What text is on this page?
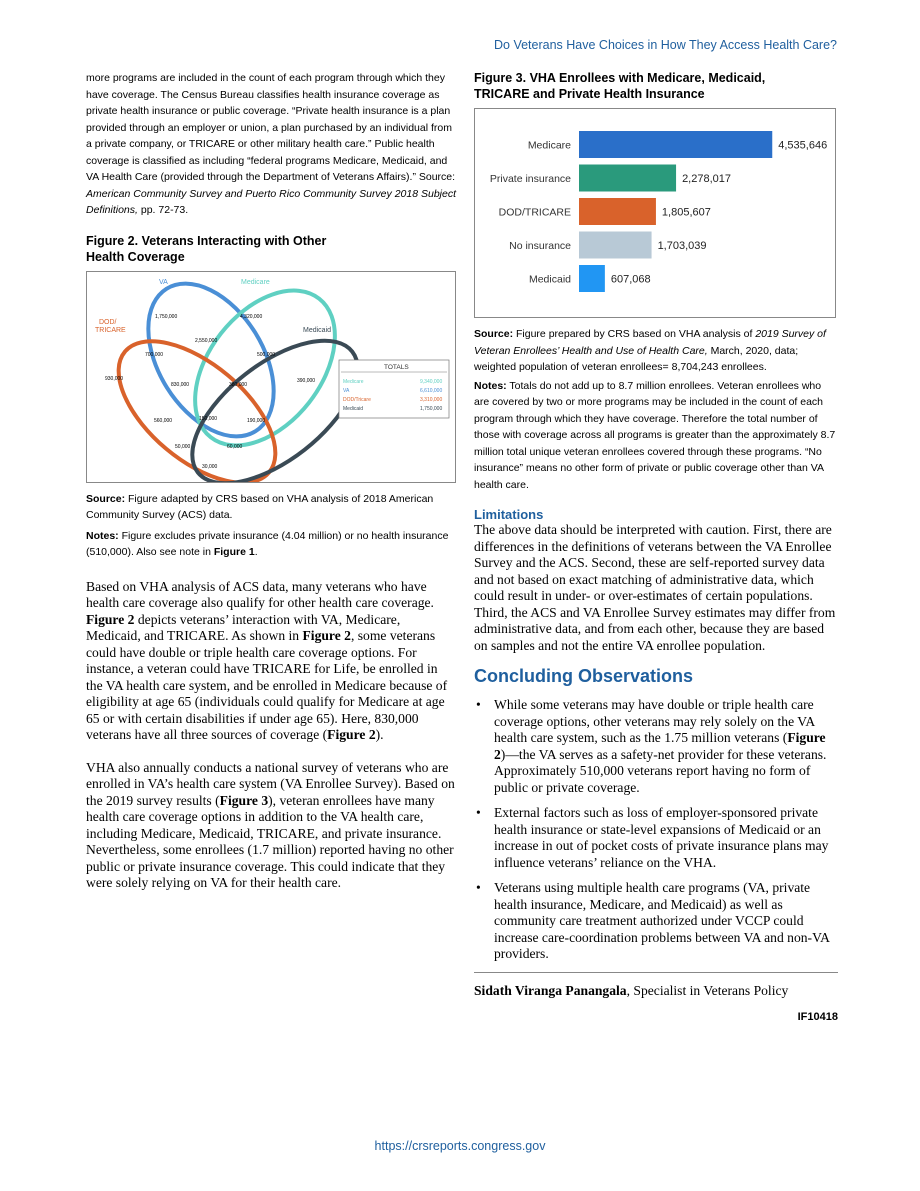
Do Veterans Have Choices in How They Access Health Care?

more programs are included in the count of each program through which they have coverage. The Census Bureau classifies health insurance coverage as private health insurance or public coverage. “Private health insurance is a plan provided through an employer or union, a plan purchased by an individual from a private company, or TRICARE or other military health care.” Public health coverage is classified as including “federal programs Medicare, Medicaid, and VA Health Care (provided through the Department of Veterans Affairs).” Source: American Community Survey and Puerto Rico Community Survey 2018 Subject Definitions, pp. 72-73.

Figure 2. Veterans Interacting with Other
Health Coverage

VA	Medicare
DOD/
TRICARE	Medicaid
1,750,000	4,320,000
2,550,000
930,000
700,000
830,000	380,000
500,000
390,000
560,000	150,000	190,000
50,000	60,000
30,000
TOTALS
Medicare	9,340,000
VA	6,610,000
DOD/Tricare	3,310,000
Medicaid	1,750,000

Source: Figure adapted by CRS based on VHA analysis of 2018 American Community Survey (ACS) data.

Notes: Figure excludes private insurance (4.04 million) or no health insurance (510,000). Also see note in Figure 1.

Based on VHA analysis of ACS data, many veterans who have health care coverage also qualify for other health care coverage. Figure 2 depicts veterans’ interaction with VA, Medicare, Medicaid, and TRICARE. As shown in Figure 2, some veterans could have double or triple health care coverage options. For instance, a veteran could have TRICARE for Life, be enrolled in the VA health care system, and be enrolled in Medicare because of eligibility at age 65 (individuals could qualify for Medicare at age 65 or with certain disabilities if under age 65). Here, 830,000 veterans have all three sources of coverage (Figure 2).

VHA also annually conducts a national survey of veterans who are enrolled in VA’s health care system (VA Enrollee Survey). Based on the 2019 survey results (Figure 3), veteran enrollees have many health care coverage options in addition to the VA health care, including Medicare, Medicaid, TRICARE, and private insurance. Nevertheless, some enrollees (1.7 million) reported having no other public or private insurance coverage. This could indicate that they were solely relying on VA for their health care.

Figure 3. VHA Enrollees with Medicare, Medicaid,
TRICARE and Private Health Insurance

Medicare	4,535,646
Private insurance	2,278,017
DOD/TRICARE	1,805,607
No insurance	1,703,039
Medicaid	607,068

Source: Figure prepared by CRS based on VHA analysis of 2019 Survey of Veteran Enrollees’ Health and Use of Health Care, March, 2020, data; weighted population of veteran enrollees= 8,704,243 enrollees.

Notes: Totals do not add up to 8.7 million enrollees. Veteran enrollees who are covered by two or more programs may be included in the count of each program through which they have coverage. Therefore the total number of those with coverage across all programs is greater than the approximately 8.7 million total unique veteran enrollees covered through these programs. “No insurance” means no other form of private or public coverage other than VA health care.

Limitations

The above data should be interpreted with caution. First, there are differences in the definitions of veterans between the VA Enrollee Survey and the ACS. Second, these are self-reported survey data and not based on exact matching of administrative data, which could result in under- or over-estimates of certain populations. Third, the ACS and VA Enrollee Survey estimates may differ from administrative data, and from each other, because they are based on samples and not the entire VA enrollee population.

Concluding Observations
• While some veterans may have double or triple health care coverage options, other veterans may rely solely on the VA health care system, such as the 1.75 million veterans (Figure 2)—the VA serves as a safety-net provider for these veterans. Approximately 510,000 veterans report having no form of public or private coverage.
• External factors such as loss of employer-sponsored private health insurance or state-level expansions of Medicaid or an increase in out of pocket costs of private insurance plans may influence veterans’ reliance on the VHA.
• Veterans using multiple health care programs (VA, private health insurance, Medicare, and Medicaid) as well as community care treatment authorized under VCCP could increase care-coordination problems between VA and non-VA providers.
Sidath Viranga Panangala, Specialist in Veterans Policy
IF10418
https://crsreports.congress.gov
